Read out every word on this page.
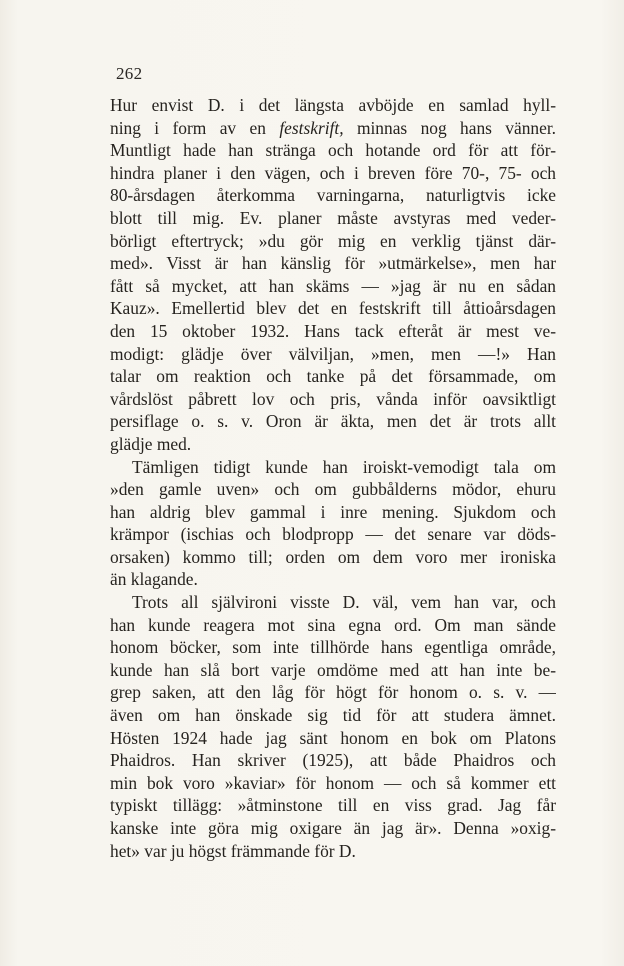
262
Hur envist D. i det längsta avböjde en samlad hyll-
ning i form av en festskrift, minnas nog hans vänner.
Muntligt hade han stränga och hotande ord för att för-
hindra planer i den vägen, och i breven före 70-, 75- och
80-årsdagen återkomma varningarna, naturligtvis icke
blott till mig. Ev. planer måste avstyras med veder-
börligt eftertryck; »du gör mig en verklig tjänst där-
med». Visst är han känslig för »utmärkelse», men har
fått så mycket, att han skäms — »jag är nu en sådan
Kauz». Emellertid blev det en festskrift till åttioårsdagen
den 15 oktober 1932. Hans tack efteråt är mest ve-
modigt: glädje över välviljan, »men, men —!» Han
talar om reaktion och tanke på det försammade, om
vårdslöst påbrett lov och pris, vånda inför oavsiktligt
persiflage o. s. v. Oron är äkta, men det är trots allt
glädje med.
Tämligen tidigt kunde han iroiskt-vemodigt tala om
»den gamle uven» och om gubbålderns mödor, ehuru
han aldrig blev gammal i inre mening. Sjukdom och
krämpor (ischias och blodpropp — det senare var döds-
orsaken) kommo till; orden om dem voro mer ironiska
än klagande.
Trots all självironi visste D. väl, vem han var, och
han kunde reagera mot sina egna ord. Om man sände
honom böcker, som inte tillhörde hans egentliga område,
kunde han slå bort varje omdöme med att han inte be-
grep saken, att den låg för högt för honom o. s. v. —
även om han önskade sig tid för att studera ämnet.
Hösten 1924 hade jag sänt honom en bok om Platons
Phaidros. Han skriver (1925), att både Phaidros och
min bok voro »kaviar» för honom — och så kommer ett
typiskt tillägg: »åtminstone till en viss grad. Jag får
kanske inte göra mig oxigare än jag är». Denna »oxig-
het» var ju högst främmande för D.
